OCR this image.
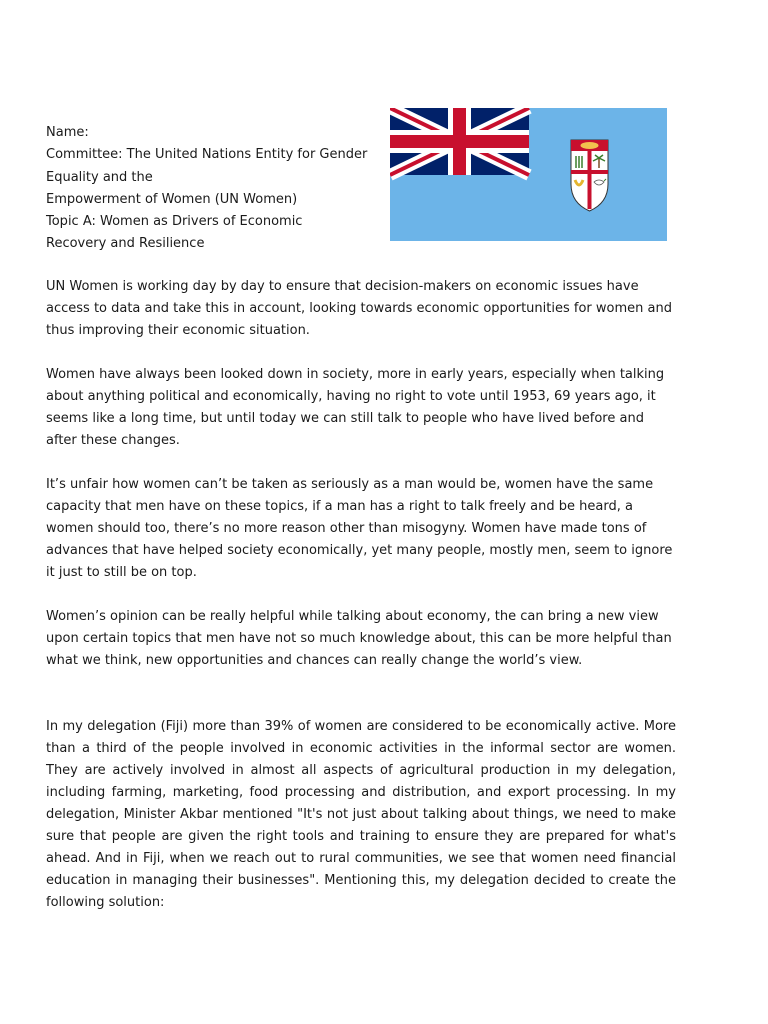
Name:
Committee: The United Nations Entity for Gender
Equality and the
Empowerment of Women (UN Women)
Topic A: Women as Drivers of Economic
Recovery and Resilience

UN Women is working day by day to ensure that decision-makers on economic issues have access to data and take this in account, looking towards economic opportunities for women and thus improving their economic situation.

Women have always been looked down in society, more in early years, especially when talking about anything political and economically, having no right to vote until 1953, 69 years ago, it seems like a long time, but until today we can still talk to people who have lived before and after these changes.

It’s unfair how women can’t be taken as seriously as a man would be, women have the same capacity that men have on these topics, if a man has a right to talk freely and be heard, a women should too, there’s no more reason other than misogyny. Women have made tons of advances that have helped society economically, yet many people, mostly men, seem to ignore it just to still be on top.

Women’s opinion can be really helpful while talking about economy, the can bring a new view upon certain topics that men have not so much knowledge about, this can be more helpful than what we think, new opportunities and chances can really change the world’s view.

In my delegation (Fiji) more than 39% of women are considered to be economically active. More than a third of the people involved in economic activities in the informal sector are women. They are actively involved in almost all aspects of agricultural production in my delegation, including farming, marketing, food processing and distribution, and export processing. In my delegation, Minister Akbar mentioned "It's not just about talking about things, we need to make sure that people are given the right tools and training to ensure they are prepared for what's ahead. And in Fiji, when we reach out to rural communities, we see that women need financial education in managing their businesses". Mentioning this, my delegation decided to create the following solution:
